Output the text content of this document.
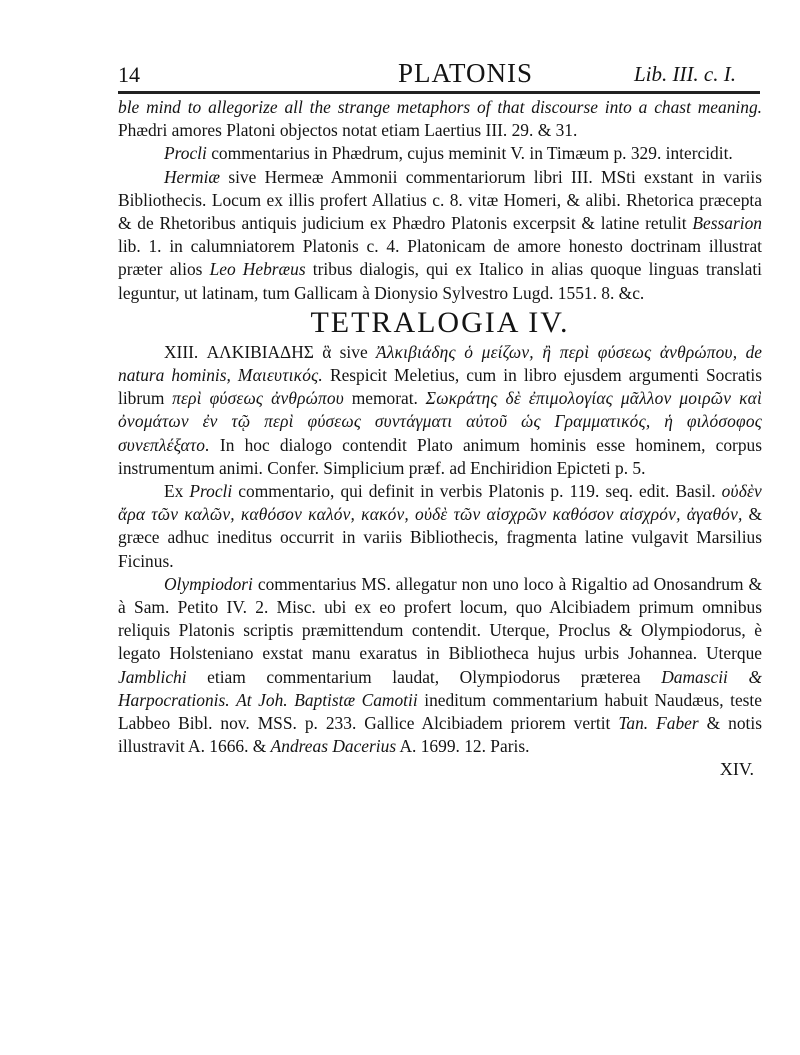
14	PLATONIS	Lib. III. c. I.

ble mind to allegorize all the strange metaphors of that discourse into a chast meaning. Phædri amores Platoni objectos notat etiam Laertius III. 29. & 31.

Procli commentarius in Phædrum, cujus meminit V. in Timæum p. 329. intercidit.

Hermiæ sive Hermeæ Ammonii commentariorum libri III. MSti exstant in variis Bibliothecis. Locum ex illis profert Allatius c. 8. vitæ Homeri, & alibi. Rhetorica præcepta & de Rhetoribus antiquis judicium ex Phædro Platonis excerpsit & latine retulit Bessarion lib. 1. in calumniatorem Platonis c. 4. Platonicam de amore honesto doctrinam illustrat præter alios Leo Hebræus tribus dialogis, qui ex Italico in alias quoque linguas translati leguntur, ut latinam, tum Gallicam à Dionysio Sylvestro Lugd. 1551. 8. &c.

TETRALOGIA IV.

XIII. ΑΛΚΙΒΙΑΔΗΣ ἃ sive Ἀλκιβιάδης ὁ μείζων, ἢ περὶ φύσεως ἀνθρώπου, de natura hominis, Μαιευτικός. Respicit Meletius, cum in libro ejusdem argumenti Socratis librum περὶ φύσεως ἀνθρώπου memorat. Σωκράτης δὲ ἐπιμολογίας μᾶλλον μοιρῶν καὶ ὀνομάτων ἐν τῷ περὶ φύσεως συντάγματι αὐτοῦ ὡς Γραμματικός, ἡ φιλόσοφος συνεπλέξατο. In hoc dialogo contendit Plato animum hominis esse hominem, corpus instrumentum animi. Confer. Simplicium præf. ad Enchiridion Epicteti p. 5.

Ex Procli commentario, qui definit in verbis Platonis p. 119. seq. edit. Basil. οὐδὲν ἄρα τῶν καλῶν, καθόσον καλόν, κακόν, οὐδὲ τῶν αἰσχρῶν καθόσον αἰσχρόν, ἀγαθόν, & græce adhuc ineditus occurrit in variis Bibliothecis, fragmenta latine vulgavit Marsilius Ficinus.

Olympiodori commentarius MS. allegatur non uno loco à Rigaltio ad Onosandrum & à Sam. Petito IV. 2. Misc. ubi ex eo profert locum, quo Alcibiadem primum omnibus reliquis Platonis scriptis præmittendum contendit. Uterque, Proclus & Olympiodorus, è legato Holsteniano exstat manu exaratus in Bibliotheca hujus urbis Johannea. Uterque Jamblichi etiam commentarium laudat, Olympiodorus præterea Damascii & Harpocrationis. At Joh. Baptistæ Camotii ineditum commentarium habuit Naudæus, teste Labbeo Bibl. nov. MSS. p. 233. Gallice Alcibiadem priorem vertit Tan. Faber & notis illustravit A. 1666. & Andreas Dacerius A. 1699. 12. Paris.

XIV.
